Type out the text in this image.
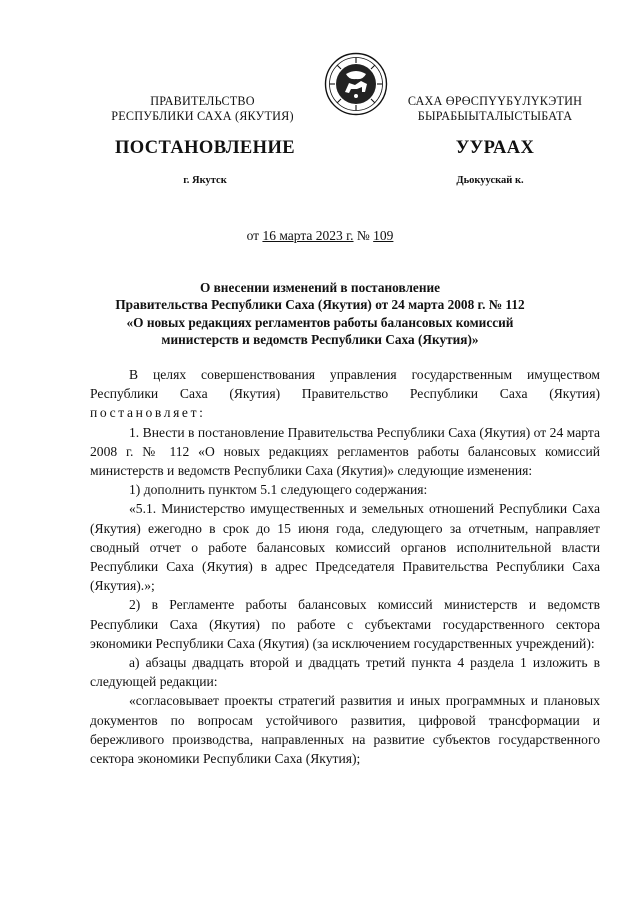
ПРАВИТЕЛЬСТВО
РЕСПУБЛИКИ САХА (ЯКУТИЯ)
САХА ӨРӨСПҮҮБҮЛҮКЭТИН
БЫРАБЫЫТАЛЫСТЫБАТА
ПОСТАНОВЛЕНИЕ	УУРААХ
г. Якутск	Дьокуускай к.
от 16 марта 2023 г. № 109
О внесении изменений в постановление
Правительства Республики Саха (Якутия) от 24 марта 2008 г. № 112
«О новых редакциях регламентов работы балансовых комиссий
министерств и ведомств Республики Саха (Якутия)»

В целях совершенствования управления государственным имуществом Республики Саха (Якутия) Правительство Республики Саха (Якутия) постановляет:

1. Внести в постановление Правительства Республики Саха (Якутия) от 24 марта 2008 г. № 112 «О новых редакциях регламентов работы балансовых комиссий министерств и ведомств Республики Саха (Якутия)» следующие изменения:

1) дополнить пунктом 5.1 следующего содержания:

«5.1. Министерство имущественных и земельных отношений Республики Саха (Якутия) ежегодно в срок до 15 июня года, следующего за отчетным, направляет сводный отчет о работе балансовых комиссий органов исполнительной власти Республики Саха (Якутия) в адрес Председателя Правительства Республики Саха (Якутия).»;

2) в Регламенте работы балансовых комиссий министерств и ведомств Республики Саха (Якутия) по работе с субъектами государственного сектора экономики Республики Саха (Якутия) (за исключением государственных учреждений):

а) абзацы двадцать второй и двадцать третий пункта 4 раздела 1 изложить в следующей редакции:

«согласовывает проекты стратегий развития и иных программных и плановых документов по вопросам устойчивого развития, цифровой трансформации и бережливого производства, направленных на развитие субъектов государственного сектора экономики Республики Саха (Якутия);
